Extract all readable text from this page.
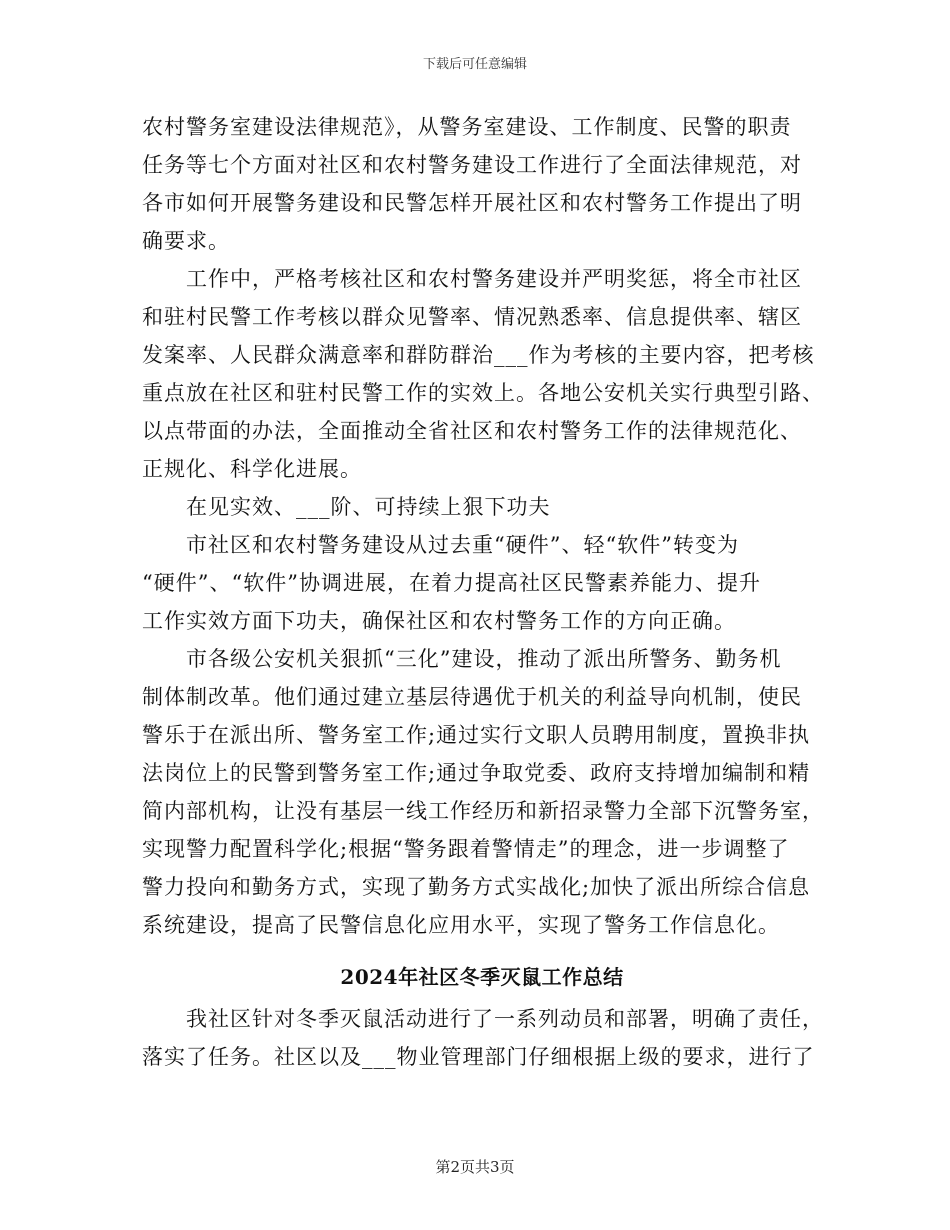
下载后可任意编辑
农村警务室建设法律规范》，从警务室建设、工作制度、民警的职责
任务等七个方面对社区和农村警务建设工作进行了全面法律规范，对
各市如何开展警务建设和民警怎样开展社区和农村警务工作提出了明
确要求。
工作中，严格考核社区和农村警务建设并严明奖惩，将全市社区
和驻村民警工作考核以群众见警率、情况熟悉率、信息提供率、辖区
发案率、人民群众满意率和群防群治___作为考核的主要内容，把考核
重点放在社区和驻村民警工作的实效上。各地公安机关实行典型引路、
以点带面的办法，全面推动全省社区和农村警务工作的法律规范化、
正规化、科学化进展。
在见实效、___阶、可持续上狠下功夫
市社区和农村警务建设从过去重“硬件”、轻“软件”转变为
“硬件”、“软件”协调进展，在着力提高社区民警素养能力、提升
工作实效方面下功夫，确保社区和农村警务工作的方向正确。
市各级公安机关狠抓“三化”建设，推动了派出所警务、勤务机
制体制改革。他们通过建立基层待遇优于机关的利益导向机制，使民
警乐于在派出所、警务室工作;通过实行文职人员聘用制度，置换非执
法岗位上的民警到警务室工作;通过争取党委、政府支持增加编制和精
简内部机构，让没有基层一线工作经历和新招录警力全部下沉警务室，
实现警力配置科学化;根据“警务跟着警情走”的理念，进一步调整了
警力投向和勤务方式，实现了勤务方式实战化;加快了派出所综合信息
系统建设，提高了民警信息化应用水平，实现了警务工作信息化。
2024年社区冬季灭鼠工作总结
我社区针对冬季灭鼠活动进行了一系列动员和部署，明确了责任，
落实了任务。社区以及___物业管理部门仔细根据上级的要求，进行了
第2页共3页
